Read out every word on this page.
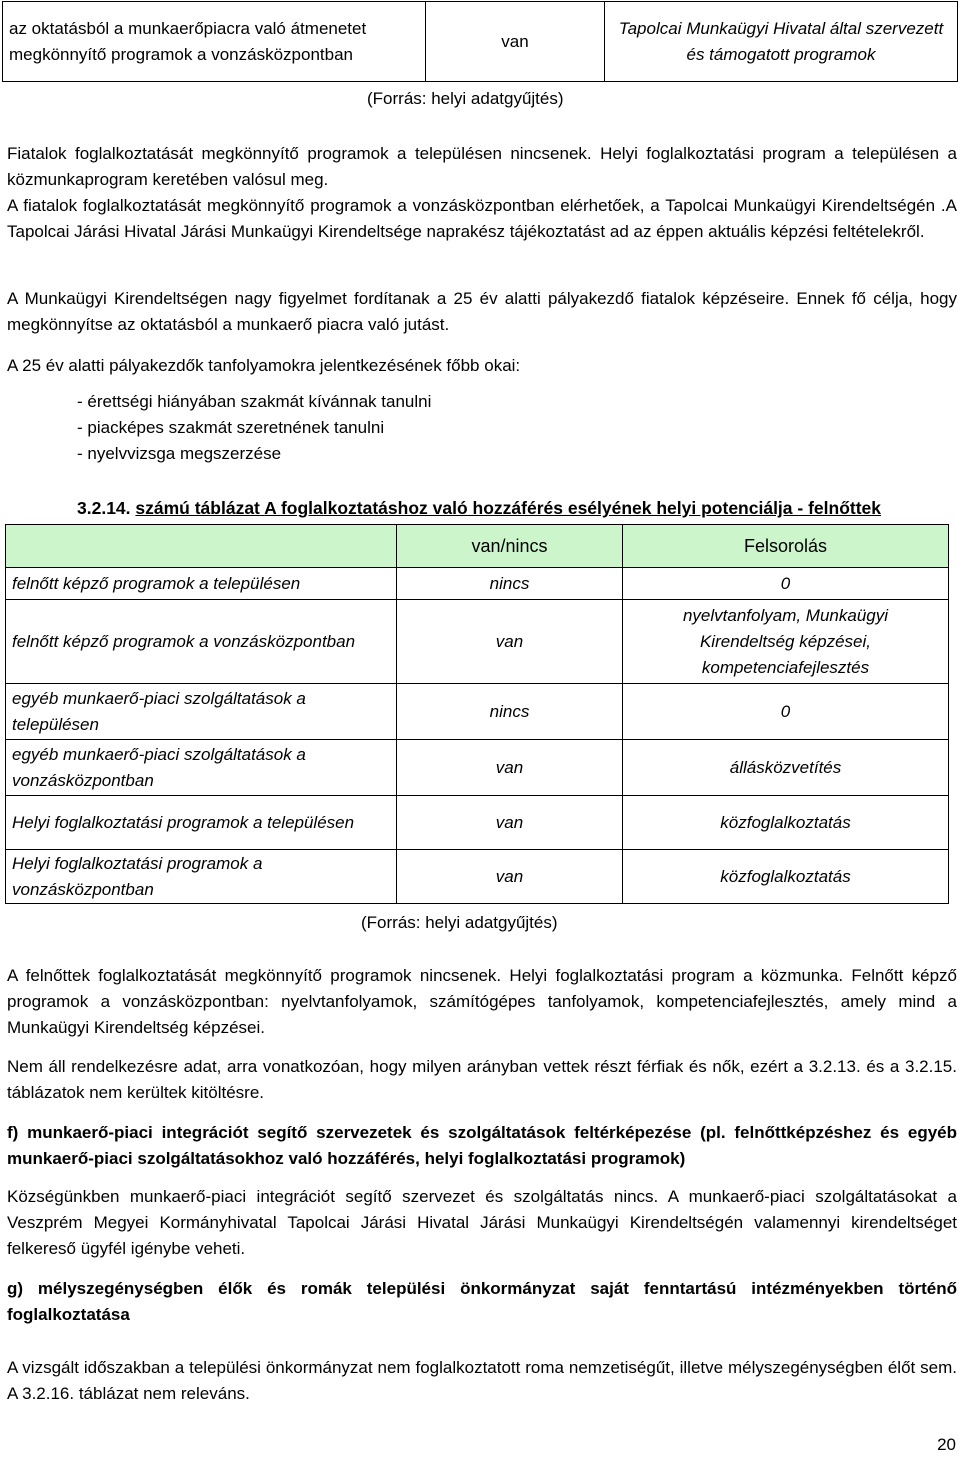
az oktatásból a munkaerőpiacra való átmenetet megkönnyítő programok a vonzásközpontban	van	Tapolcai Munkaügyi Hivatal által szervezett és támogatott programok
(Forrás: helyi adatgyűjtés)
Fiatalok foglalkoztatását megkönnyítő programok a településen nincsenek. Helyi foglalkoztatási program a településen a közmunkaprogram keretében valósul meg.
A fiatalok foglalkoztatását megkönnyítő programok a vonzásközpontban elérhetőek, a Tapolcai Munkaügyi Kirendeltségén .A Tapolcai Járási Hivatal Járási Munkaügyi Kirendeltsége naprakész tájékoztatást ad az éppen aktuális képzési feltételekről.
A Munkaügyi Kirendeltségen nagy figyelmet fordítanak a 25 év alatti pályakezdő fiatalok képzéseire. Ennek fő célja, hogy megkönnyítse az oktatásból a munkaerő piacra való jutást.
A 25 év alatti pályakezdők tanfolyamokra jelentkezésének főbb okai:
- érettségi hiányában szakmát kívánnak tanulni
- piacképes szakmát szeretnének tanulni
- nyelvvizsga megszerzése
3.2.14. számú táblázat A foglalkoztatáshoz való hozzáférés esélyének helyi potenciálja - felnőttek
	van/nincs	Felsorolás
felnőtt képző programok a településen	nincs	0
felnőtt képző programok a vonzásközpontban	van	nyelvtanfolyam, Munkaügyi Kirendeltség képzései, kompetenciafejlesztés
egyéb munkaerő-piaci szolgáltatások a településen	nincs	0
egyéb munkaerő-piaci szolgáltatások a vonzásközpontban	van	állásközvetítés
Helyi foglalkoztatási programok a településen	van	közfoglalkoztatás
Helyi foglalkoztatási programok a vonzásközpontban	van	közfoglalkoztatás
(Forrás: helyi adatgyűjtés)
A felnőttek foglalkoztatását megkönnyítő programok nincsenek. Helyi foglalkoztatási program a közmunka. Felnőtt képző programok a vonzásközpontban: nyelvtanfolyamok, számítógépes tanfolyamok, kompetenciafejlesztés, amely mind a Munkaügyi Kirendeltség képzései.
Nem áll rendelkezésre adat, arra vonatkozóan, hogy milyen arányban vettek részt férfiak és nők, ezért a 3.2.13. és a 3.2.15. táblázatok nem kerültek kitöltésre.
f) munkaerő-piaci integrációt segítő szervezetek és szolgáltatások feltérképezése (pl. felnőttképzéshez és egyéb munkaerő-piaci szolgáltatásokhoz való hozzáférés, helyi foglalkoztatási programok)
Községünkben munkaerő-piaci integrációt segítő szervezet és szolgáltatás nincs. A munkaerő-piaci szolgáltatásokat a Veszprém Megyei Kormányhivatal Tapolcai Járási Hivatal Járási Munkaügyi Kirendeltségén valamennyi kirendeltséget felkereső ügyfél igénybe veheti.
g) mélyszegénységben élők és romák települési önkormányzat saját fenntartású intézményekben történő foglalkoztatása
A vizsgált időszakban a települési önkormányzat nem foglalkoztatott roma nemzetiségűt, illetve mélyszegénységben élőt sem. A 3.2.16. táblázat nem releváns.
20
